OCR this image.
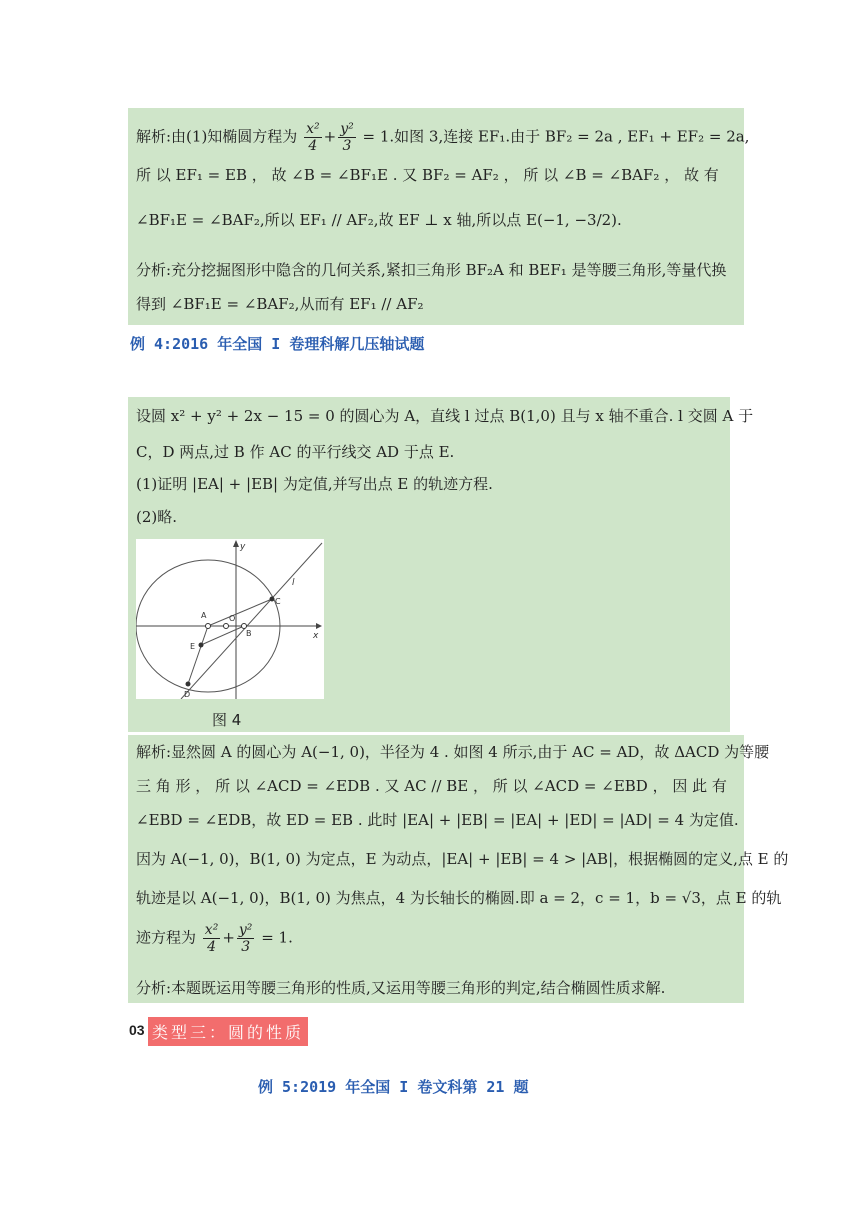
解析:由(1)知椭圆方程为 $\frac{\text{x²}}{4} + \frac{\text{y²}}{3} = 1$.如图 3,连接 EF₁.由于 BF₂ = 2a , EF₁ + EF₂ = 2a,
所 以 EF₁ = EB ， 故 ∠B = ∠BF₁E . 又 BF₂ = AF₂ ， 所 以 ∠B = ∠BAF₂ ， 故 有
∠BF₁E = ∠BAF₂,所以 EF₁ // AF₂,故 EF ⊥ x 轴,所以点 E(−1, −3/2).
分析:充分挖掘图形中隐含的几何关系,紧扣三角形 BF₂A 和 BEF₁ 是等腰三角形,等量代换
得到 ∠BF₁E = ∠BAF₂,从而有 EF₁ // AF₂
例 4:2016 年全国 I 卷理科解几压轴试题
设圆 x² + y² + 2x − 15 = 0 的圆心为 A，直线 l 过点 B(1,0) 且与 x 轴不重合. l 交圆 A 于
C，D 两点,过 B 作 AC 的平行线交 AD 于点 E.
(1)证明 |EA| + |EB| 为定值,并写出点 E 的轨迹方程.
(2)略.
y
x
l
A	O
B
C
E
D
图 4
解析:显然圆 A 的圆心为 A(−1, 0)，半径为 4 . 如图 4 所示,由于 AC = AD，故 ΔACD 为等腰
三 角 形 ， 所 以 ∠ACD = ∠EDB . 又 AC // BE ， 所 以 ∠ACD = ∠EBD ， 因 此 有
∠EBD = ∠EDB，故 ED = EB . 此时 |EA| + |EB| = |EA| + |ED| = |AD| = 4 为定值.
因为 A(−1, 0)，B(1, 0) 为定点，E 为动点，|EA| + |EB| = 4 > |AB|，根据椭圆的定义,点 E 的
轨迹是以 A(−1, 0)，B(1, 0) 为焦点，4 为长轴长的椭圆.即 a = 2，c = 1，b = √3，点 E 的轨
迹方程为 $\frac{\text{x²}}{4} + \frac{\text{y²}}{3} = 1$.
分析:本题既运用等腰三角形的性质,又运用等腰三角形的判定,结合椭圆性质求解.
03 类型三：圆的性质
例 5:2019 年全国 I 卷文科第 21 题
